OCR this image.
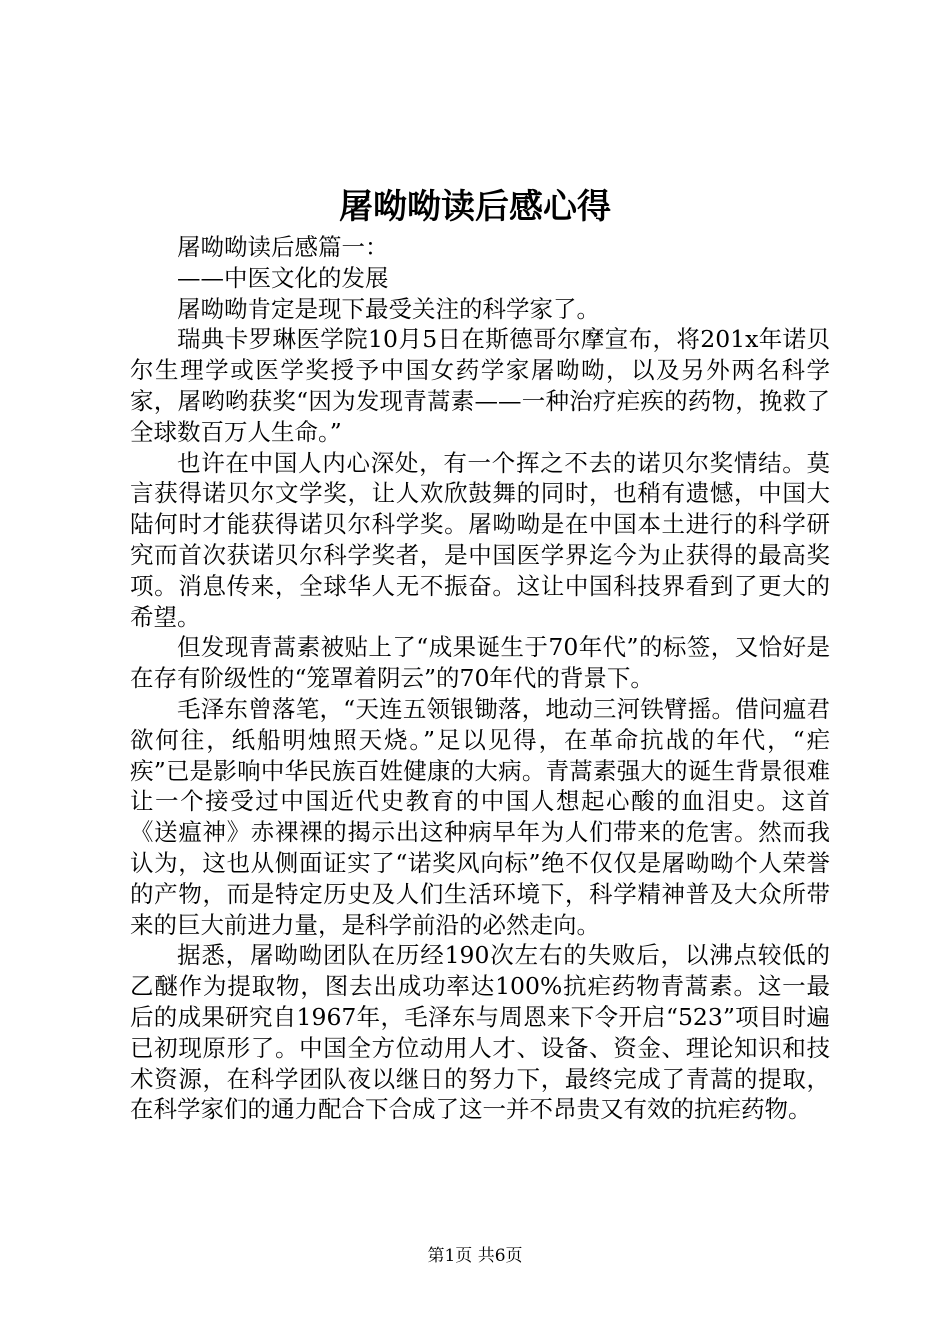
屠呦呦读后感心得

屠呦呦读后感篇一：

——中医文化的发展

屠呦呦肯定是现下最受关注的科学家了。

瑞典卡罗琳医学院10月5日在斯德哥尔摩宣布，将201x年诺贝尔生理学或医学奖授予中国女药学家屠呦呦，以及另外两名科学家，屠哟哟获奖“因为发现青蒿素——一种治疗疟疾的药物，挽救了全球数百万人生命。”

也许在中国人内心深处，有一个挥之不去的诺贝尔奖情结。莫言获得诺贝尔文学奖，让人欢欣鼓舞的同时，也稍有遗憾，中国大陆何时才能获得诺贝尔科学奖。屠呦呦是在中国本土进行的科学研究而首次获诺贝尔科学奖者，是中国医学界迄今为止获得的最高奖项。消息传来，全球华人无不振奋。这让中国科技界看到了更大的希望。

但发现青蒿素被贴上了“成果诞生于70年代”的标签，又恰好是在存有阶级性的“笼罩着阴云”的70年代的背景下。

毛泽东曾落笔，“天连五领银锄落，地动三河铁臂摇。借问瘟君欲何往，纸船明烛照天烧。”足以见得，在革命抗战的年代，“疟疾”已是影响中华民族百姓健康的大病。青蒿素强大的诞生背景很难让一个接受过中国近代史教育的中国人想起心酸的血泪史。这首《送瘟神》赤裸裸的揭示出这种病早年为人们带来的危害。然而我认为，这也从侧面证实了“诺奖风向标”绝不仅仅是屠呦呦个人荣誉的产物，而是特定历史及人们生活环境下，科学精神普及大众所带来的巨大前进力量，是科学前沿的必然走向。

据悉，屠呦呦团队在历经190次左右的失败后，以沸点较低的乙醚作为提取物，图去出成功率达100%抗疟药物青蒿素。这一最后的成果研究自1967年，毛泽东与周恩来下令开启“523”项目时遍已初现原形了。中国全方位动用人才、设备、资金、理论知识和技术资源，在科学团队夜以继日的努力下，最终完成了青蒿的提取，在科学家们的通力配合下合成了这一并不昂贵又有效的抗疟药物。

第1页 共6页
